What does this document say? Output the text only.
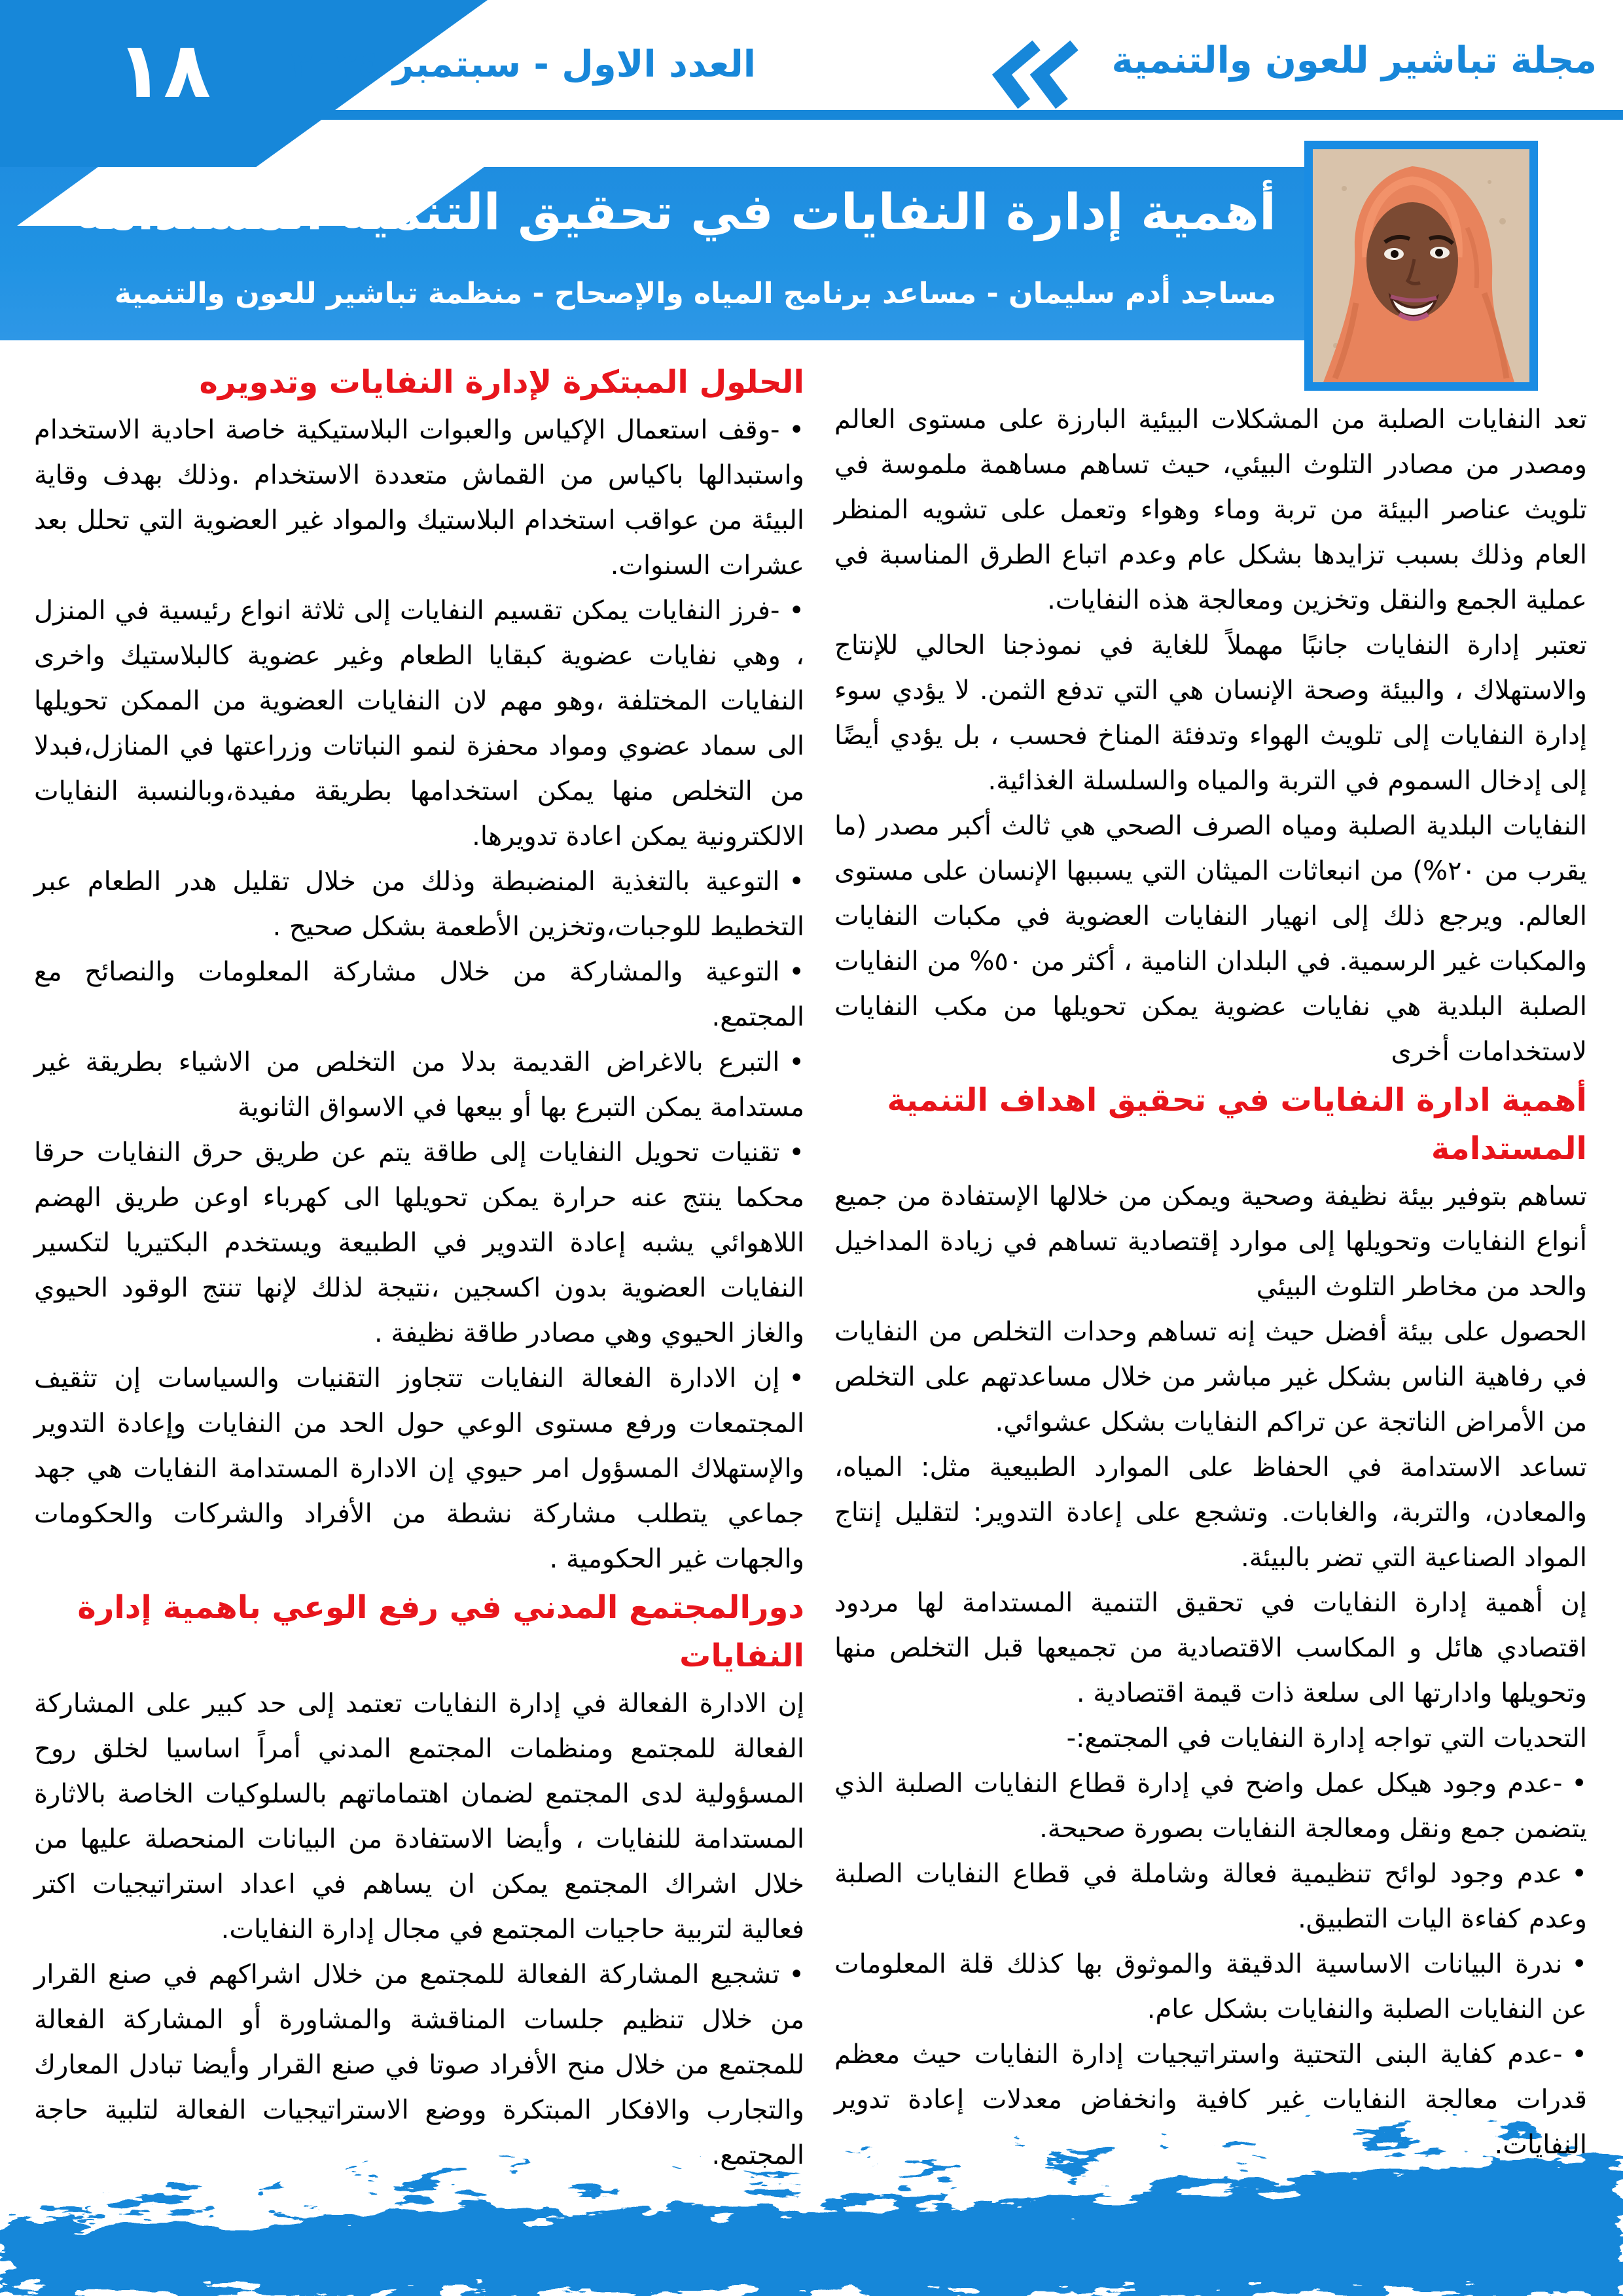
١٨	العدد الاول - سبتمبر ٢٠٢٤	مجلة تباشير للعون والتنمية
أهمية إدارة النفايات في تحقيق التنمية المستدامة
مساجد أدم سليمان - مساعد برنامج المياه والإصحاح - منظمة تباشير للعون والتنمية

تعد النفايات الصلبة من المشكلات البيئية البارزة على مستوى العالم ومصدر من مصادر التلوث البيئي، حيث تساهم مساهمة ملموسة في تلويث عناصر البيئة من تربة وماء وهواء وتعمل على تشويه المنظر العام وذلك بسبب تزايدها بشكل عام وعدم اتباع الطرق المناسبة في عملية الجمع والنقل وتخزين ومعالجة هذه النفايات.

تعتبر إدارة النفايات جانبًا مهملاً للغاية في نموذجنا الحالي للإنتاج والاستهلاك ، والبيئة وصحة الإنسان هي التي تدفع الثمن. لا يؤدي سوء إدارة النفايات إلى تلويث الهواء وتدفئة المناخ فحسب ، بل يؤدي أيضًا إلى إدخال السموم في التربة والمياه والسلسلة الغذائية.

النفايات البلدية الصلبة ومياه الصرف الصحي هي ثالث أكبر مصدر (ما يقرب من ٢٠%) من انبعاثات الميثان التي يسببها الإنسان على مستوى العالم. ويرجع ذلك إلى انهيار النفايات العضوية في مكبات النفايات والمكبات غير الرسمية. في البلدان النامية ، أكثر من ٥٠% من النفايات الصلبة البلدية هي نفايات عضوية يمكن تحويلها من مكب النفايات لاستخدامات أخرى

أهمية ادارة النفايات في تحقيق اهداف التنمية المستدامة

تساهم بتوفير بيئة نظيفة وصحية ويمكن من خلالها الإستفادة من جميع أنواع النفايات وتحويلها إلى موارد إقتصادية تساهم في زيادة المداخيل والحد من مخاطر التلوث البيئي

الحصول على بيئة أفضل حيث إنه تساهم وحدات التخلص من النفايات في رفاهية الناس بشكل غير مباشر من خلال مساعدتهم على التخلص من الأمراض الناتجة عن تراكم النفايات بشكل عشوائي.

تساعد الاستدامة في الحفاظ على الموارد الطبيعية مثل: المياه، والمعادن، والتربة، والغابات. وتشجع على إعادة التدوير: لتقليل إنتاج المواد الصناعية التي تضر بالبيئة.

إن أهمية إدارة النفايات في تحقيق التنمية المستدامة لها مردود اقتصادي هائل و المكاسب الاقتصادية من تجميعها قبل التخلص منها وتحويلها وادارتها الى سلعة ذات قيمة اقتصادية .

التحديات التي تواجه إدارة النفايات في المجتمع:-

•-عدم وجود هيكل عمل واضح في إدارة قطاع النفايات الصلبة الذي يتضمن جمع ونقل ومعالجة النفايات بصورة صحيحة.

•عدم وجود لوائح تنظيمية فعالة وشاملة في قطاع النفايات الصلبة وعدم كفاءة اليات التطبيق.

•ندرة البيانات الاساسية الدقيقة والموثوق بها كذلك قلة المعلومات عن النفايات الصلبة والنفايات بشكل عام.

•-عدم كفاية البنى التحتية واستراتيجيات إدارة النفايات حيث معظم قدرات معالجة النفايات غير كافية وانخفاض معدلات إعادة تدوير النفايات.

الحلول المبتكرة لإدارة النفايات وتدويره

•-وقف استعمال الإكياس والعبوات البلاستيكية خاصة احادية الاستخدام واستبدالها باكياس من القماش متعددة الاستخدام .وذلك بهدف وقاية البيئة من عواقب استخدام البلاستيك والمواد غير العضوية التي تحلل بعد عشرات السنوات.

•-فرز النفايات يمكن تقسيم النفايات إلى ثلاثة انواع رئيسية في المنزل ، وهي نفايات عضوية كبقايا الطعام وغير عضوية كالبلاستيك واخرى النفايات المختلفة ،وهو مهم لان النفايات العضوية من الممكن تحويلها الى سماد عضوي ومواد محفزة لنمو النباتات وزراعتها في المنازل،فبدلا من التخلص منها يمكن استخدامها بطريقة مفيدة،وبالنسبة النفايات الالكترونية يمكن اعادة تدويرها.

•التوعية بالتغذية المنضبطة وذلك من خلال تقليل هدر الطعام عبر التخطيط للوجبات،وتخزين الأطعمة بشكل صحيح .

•التوعية والمشاركة من خلال مشاركة المعلومات والنصائح مع المجتمع.

•التبرع بالاغراض القديمة بدلا من التخلص من الاشياء بطريقة غير مستدامة يمكن التبرع بها أو بيعها في الاسواق الثانوية

•تقنيات تحويل النفايات إلى طاقة يتم عن طريق حرق النفايات حرقا محكما ينتج عنه حرارة يمكن تحويلها الى كهرباء اوعن طريق الهضم اللاهوائي يشبه إعادة التدوير في الطبيعة ويستخدم البكتيريا لتكسير النفايات العضوية بدون اكسجين ،نتيجة لذلك لإنها تنتج الوقود الحيوي والغاز الحيوي وهي مصادر طاقة نظيفة .

•إن الادارة الفعالة النفايات تتجاوز التقنيات والسياسات إن تثقيف المجتمعات ورفع مستوى الوعي حول الحد من النفايات وإعادة التدوير والإستهلاك المسؤول امر حيوي إن الادارة المستدامة النفايات هي جهد جماعي يتطلب مشاركة نشطة من الأفراد والشركات والحكومات والجهات غير الحكومية .

دورالمجتمع المدني في رفع الوعي باهمية إدارة النفايات

إن الادارة الفعالة في إدارة النفايات تعتمد إلى حد كبير على المشاركة الفعالة للمجتمع ومنظمات المجتمع المدني أمراً اساسيا لخلق روح المسؤولية لدى المجتمع لضمان اهتماماتهم بالسلوكيات الخاصة بالاثارة المستدامة للنفايات ، وأيضا الاستفادة من البيانات المنحصلة عليها من خلال اشراك المجتمع يمكن ان يساهم في اعداد استراتيجيات اكتر فعالية لتربية حاجيات المجتمع في مجال إدارة النفايات.

•تشجيع المشاركة الفعالة للمجتمع من خلال اشراكهم في صنع القرار من خلال تنظيم جلسات المناقشة والمشاورة أو المشاركة الفعالة للمجتمع من خلال منح الأفراد صوتا في صنع القرار وأيضا تبادل المعارك والتجارب والافكار المبتكرة ووضع الاستراتيجيات الفعالة لتلبية حاجة المجتمع.
